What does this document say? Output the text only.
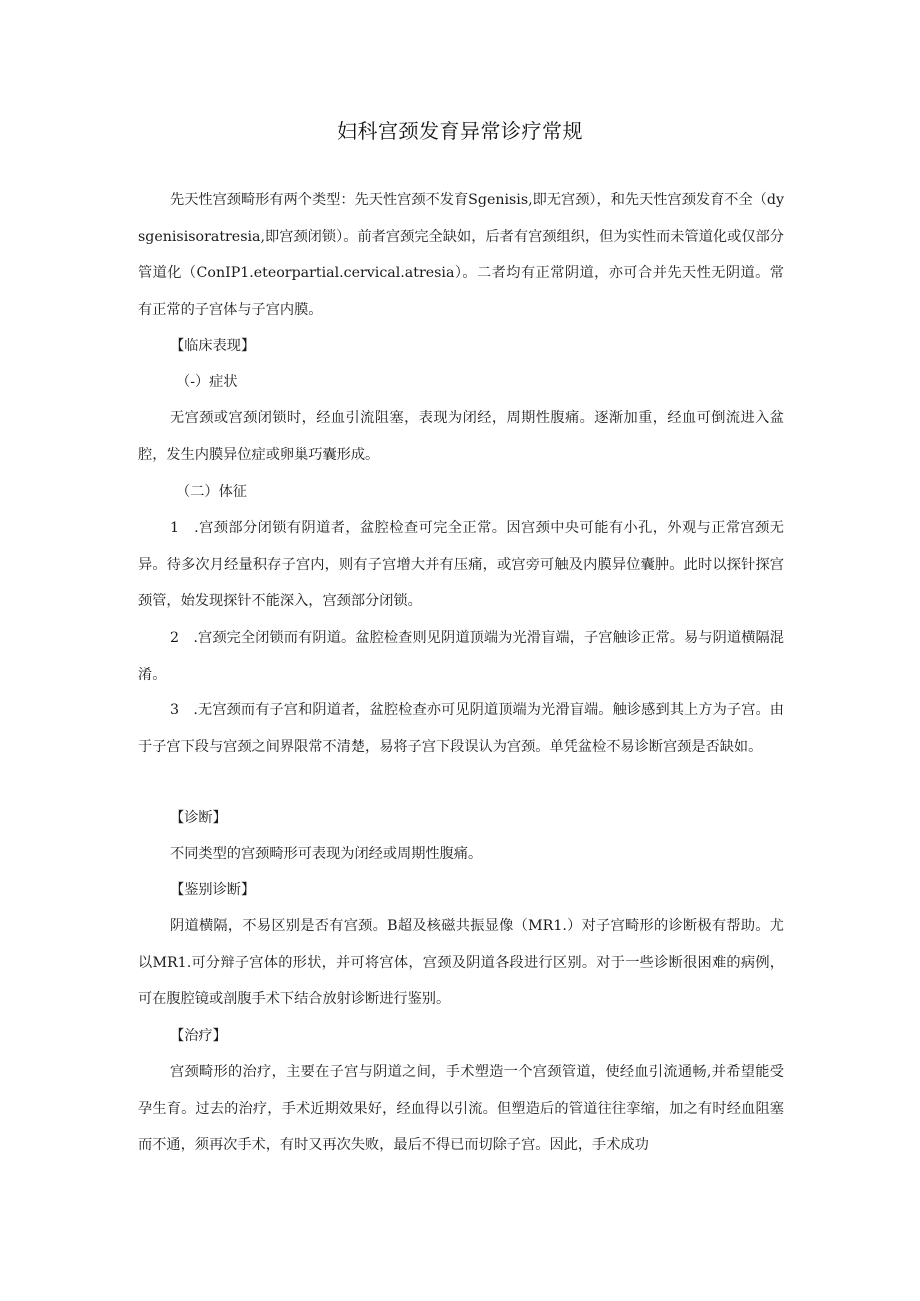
妇科宫颈发育异常诊疗常规

先天性宫颈畸形有两个类型：先天性宫颈不发育Sgenisis,即无宫颈），和先天性宫颈发育不全（dysgenisisoratresia,即宫颈闭锁）。前者宫颈完全缺如，后者有宫颈组织，但为实性而未管道化或仅部分管道化（ConIP1.eteorpartial.cervical.atresia）。二者均有正常阴道，亦可合并先天性无阴道。常有正常的子宫体与子宫内膜。

【临床表现】

（-）症状

无宫颈或宫颈闭锁时，经血引流阻塞，表现为闭经，周期性腹痛。逐渐加重，经血可倒流进入盆腔，发生内膜异位症或卵巢巧囊形成。

（二）体征

1　.宫颈部分闭锁有阴道者，盆腔检查可完全正常。因宫颈中央可能有小孔，外观与正常宫颈无异。待多次月经量积存子宫内，则有子宫增大并有压痛，或宫旁可触及内膜异位囊肿。此时以探针探宫颈管，始发现探针不能深入，宫颈部分闭锁。

2　.宫颈完全闭锁而有阴道。盆腔检查则见阴道顶端为光滑盲端，子宫触诊正常。易与阴道横隔混淆。

3　.无宫颈而有子宫和阴道者，盆腔检查亦可见阴道顶端为光滑盲端。触诊感到其上方为子宫。由于子宫下段与宫颈之间界限常不清楚，易将子宫下段误认为宫颈。单凭盆检不易诊断宫颈是否缺如。

【诊断】

不同类型的宫颈畸形可表现为闭经或周期性腹痛。

【鉴别诊断】

阴道横隔，不易区别是否有宫颈。B超及核磁共振显像（MR1.）对子宫畸形的诊断极有帮助。尤以MR1.可分辩子宫体的形状，并可将宫体，宫颈及阴道各段进行区别。对于一些诊断很困难的病例，可在腹腔镜或剖腹手术下结合放射诊断进行鉴别。

【治疗】

宫颈畸形的治疗，主要在子宫与阴道之间，手术塑造一个宫颈管道，使经血引流通畅,并希望能受孕生育。过去的治疗，手术近期效果好，经血得以引流。但塑造后的管道往往挛缩，加之有时经血阻塞而不通，须再次手术，有时又再次失败，最后不得已而切除子宫。因此，手术成功
